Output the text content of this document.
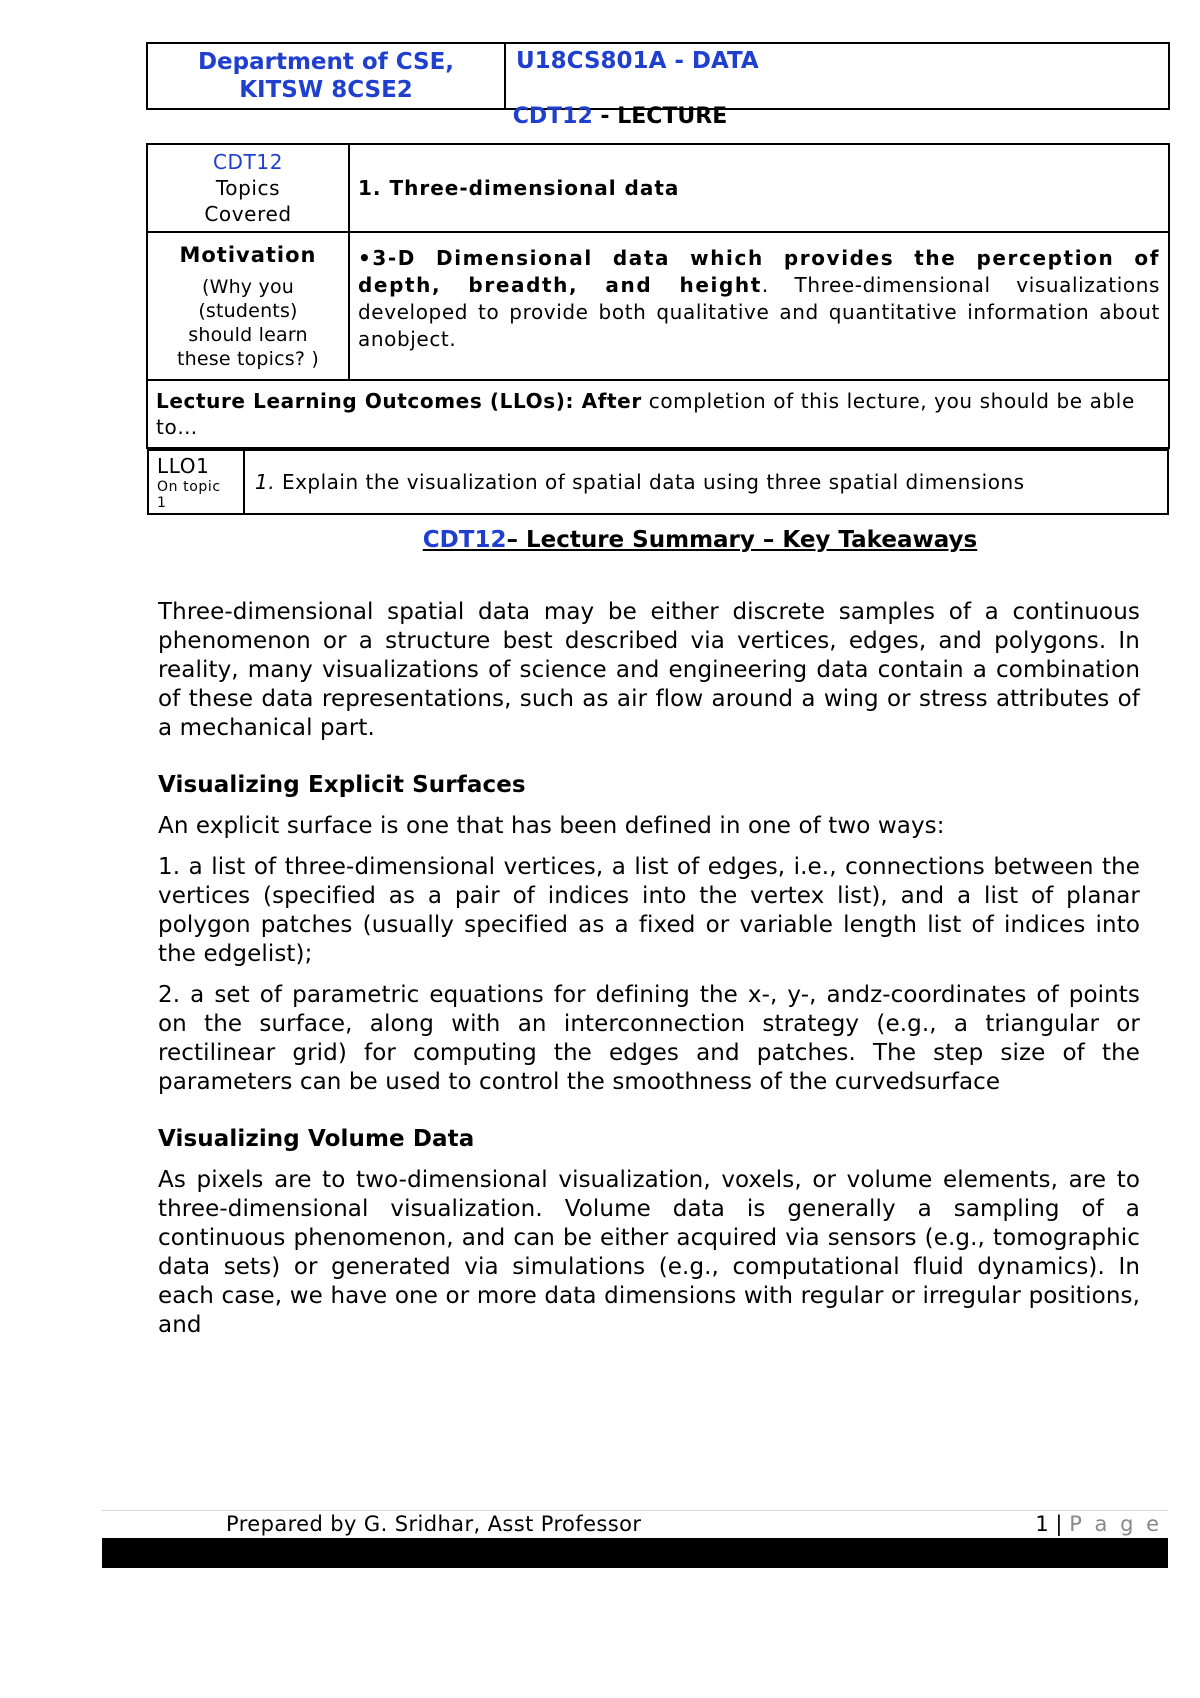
Department of CSE,
KITSW 8CSE2
	U18CS801A - DATA
CDT12 - LECTURE
CDT12
Topics
Covered
	1. Three-dimensional data

Motivation
(Why you
(students)
should learn
these topics? )
	•3-D Dimensional data which provides the perception of depth, breadth, and height. Three-dimensional visualizations developed to provide both qualitative and quantitative information about anobject.
Lecture Learning Outcomes (LLOs): After completion of this lecture, you should be able to…

LLO1
On topic
1
	1. Explain the visualization of spatial data using three spatial dimensions
CDT12– Lecture Summary – Key Takeaways

Three-dimensional spatial data may be either discrete samples of a continuous phenomenon or a structure best described via vertices, edges, and polygons. In reality, many visualizations of science and engineering data contain a combination of these data representations, such as air flow around a wing or stress attributes of a mechanical part.

Visualizing Explicit Surfaces

An explicit surface is one that has been defined in one of two ways:

1. a list of three-dimensional vertices, a list of edges, i.e., connections between the vertices (specified as a pair of indices into the vertex list), and a list of planar polygon patches (usually specified as a fixed or variable length list of indices into the edgelist);

2. a set of parametric equations for defining the x-, y-, andz-coordinates of points on the surface, along with an interconnection strategy (e.g., a triangular or rectilinear grid) for computing the edges and patches. The step size of the parameters can be used to control the smoothness of the curvedsurface

Visualizing Volume Data

As pixels are to two-dimensional visualization, voxels, or volume elements, are to three-dimensional visualization. Volume data is generally a sampling of a continuous phenomenon, and can be either acquired via sensors (e.g., tomographic data sets) or generated via simulations (e.g., computational fluid dynamics). In each case, we have one or more data dimensions with regular or irregular positions, and

Prepared by G. Sridhar, Asst Professor	1 | P a g e
